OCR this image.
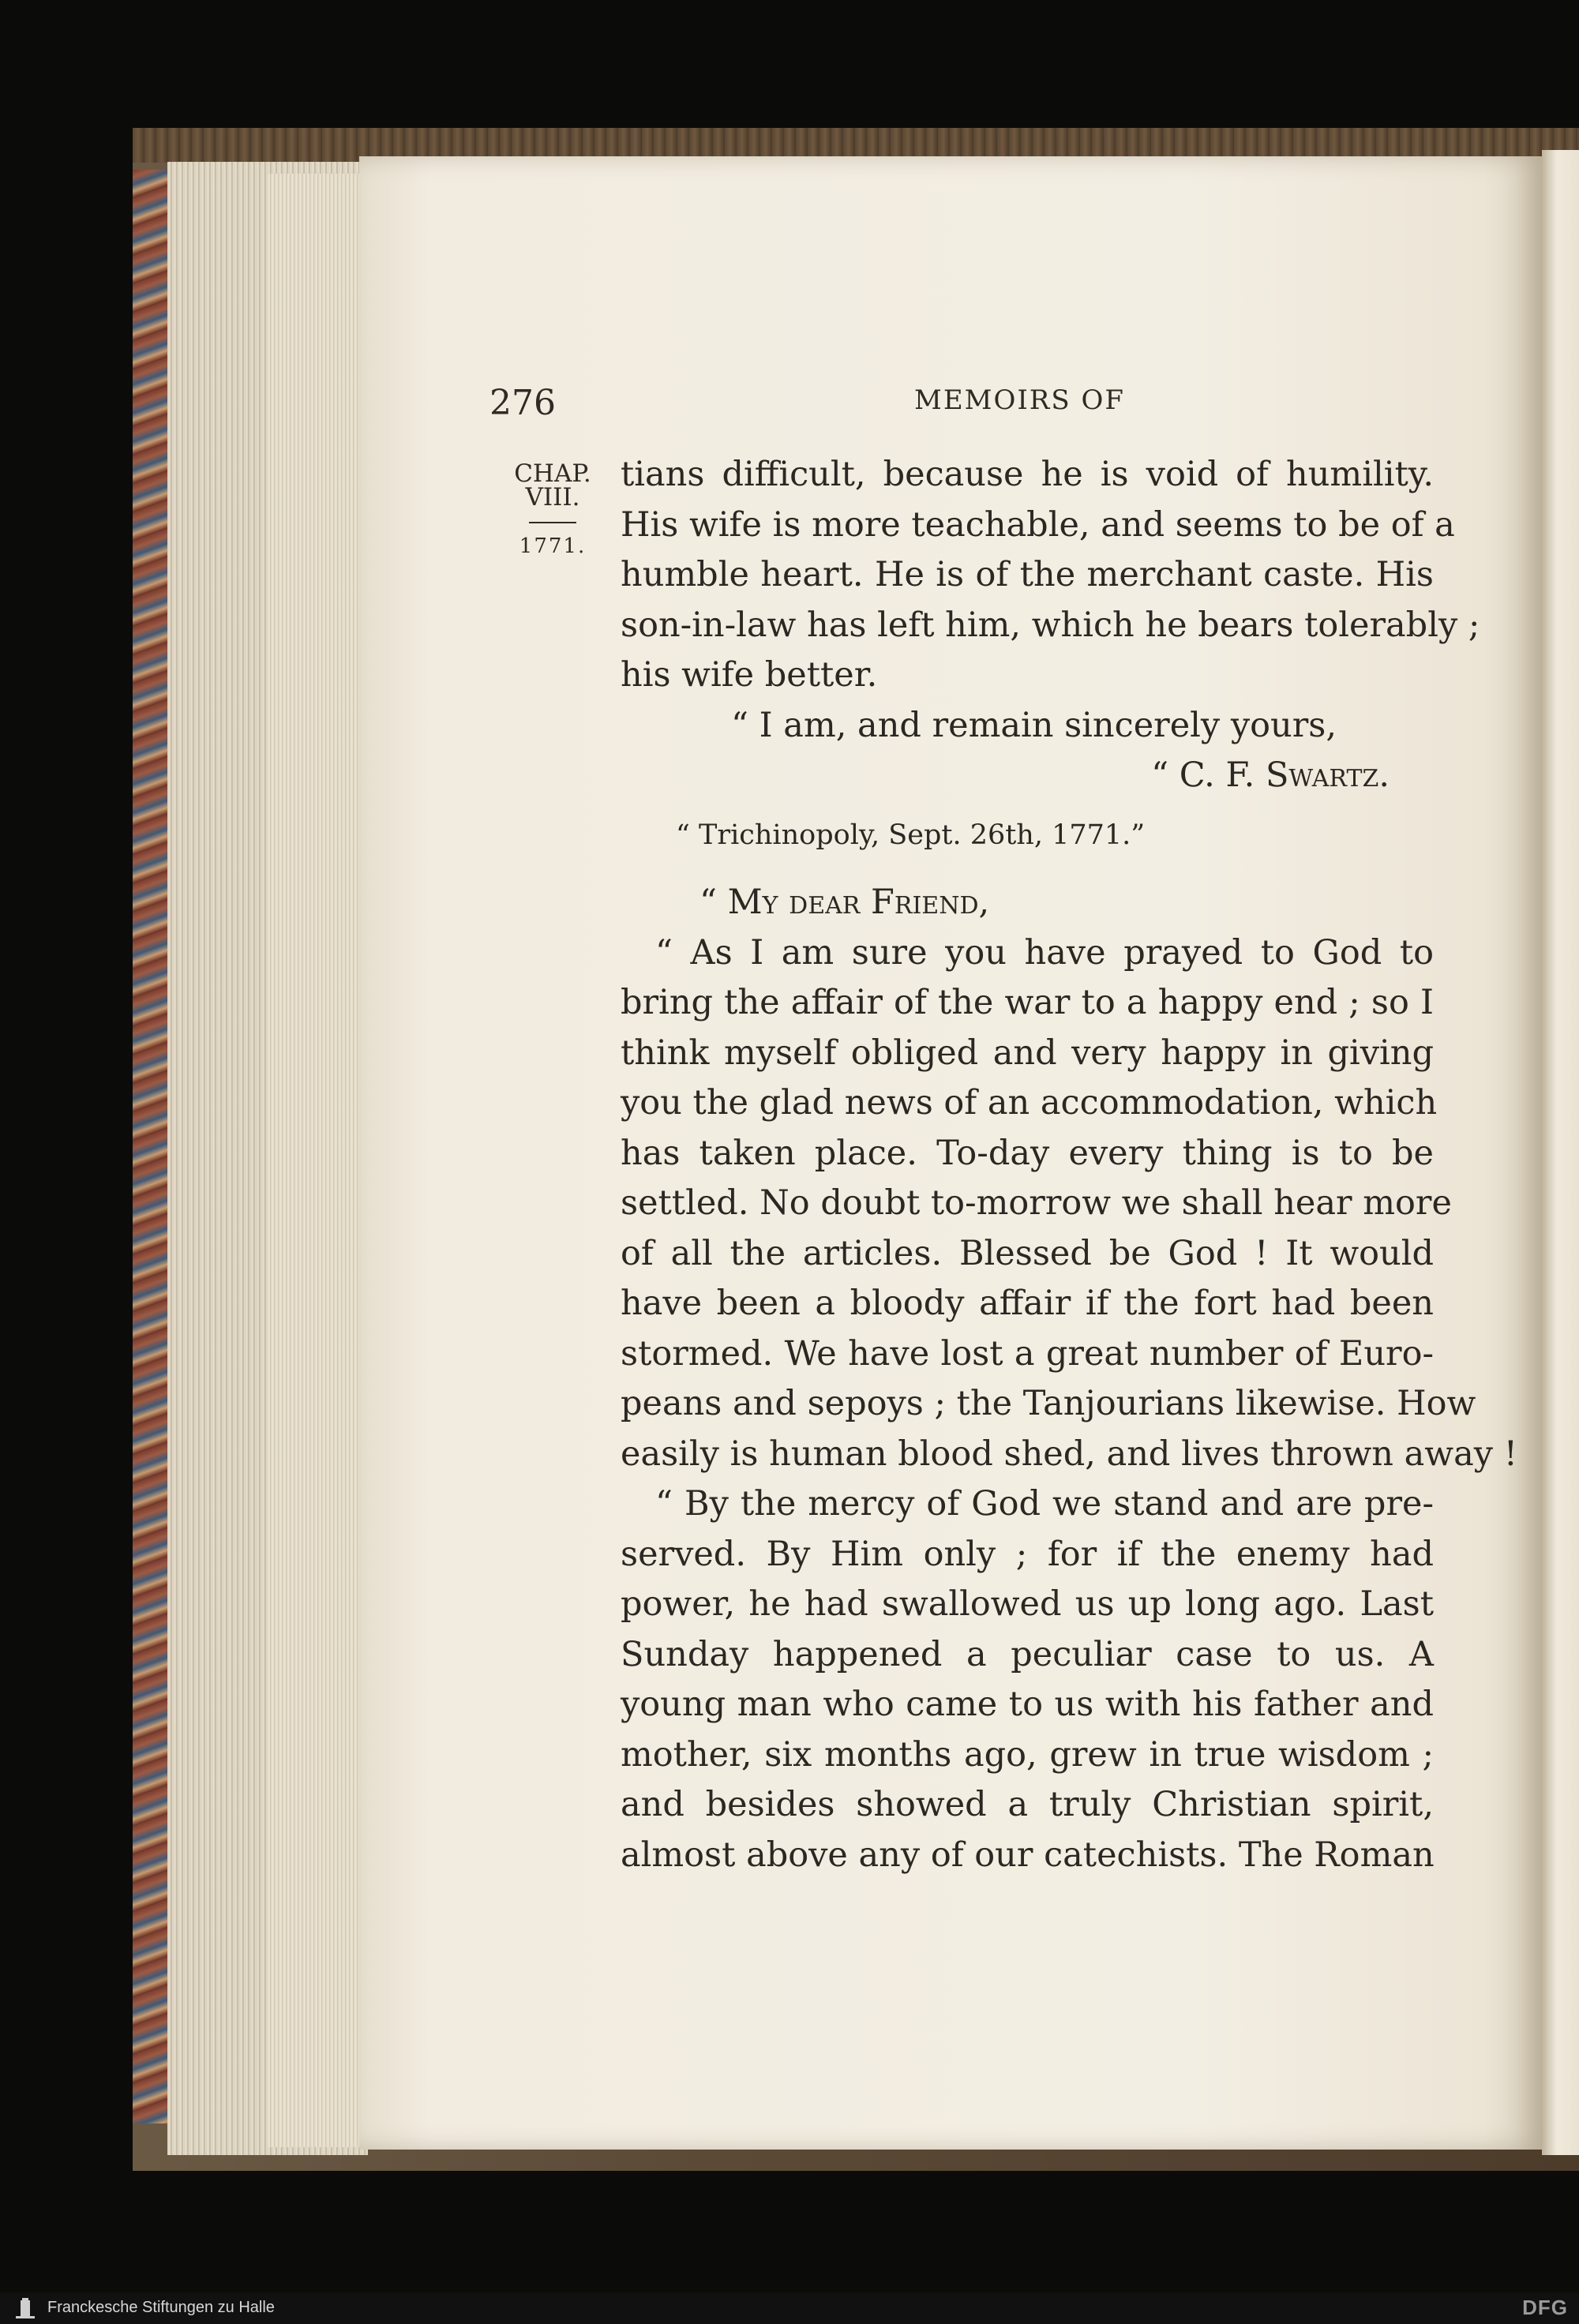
276	MEMOIRS OF
CHAP.
VIII.
1771.
tians difficult, because he is void of humility.
His wife is more teachable, and seems to be of a
humble heart. He is of the merchant caste. His
son-in-law has left him, which he bears tolerably ;
his wife better.
“ I am, and remain sincerely yours,
“ C. F. Swartz.
“ Trichinopoly, Sept. 26th, 1771.”
“ My dear Friend,
“ As I am sure you have prayed to God to
bring the affair of the war to a happy end ; so I
think myself obliged and very happy in giving
you the glad news of an accommodation, which
has taken place. To-day every thing is to be
settled. No doubt to-morrow we shall hear more
of all the articles. Blessed be God ! It would
have been a bloody affair if the fort had been
stormed. We have lost a great number of Euro-
peans and sepoys ; the Tanjourians likewise. How
easily is human blood shed, and lives thrown away !
“ By the mercy of God we stand and are pre-
served. By Him only ; for if the enemy had
power, he had swallowed us up long ago. Last
Sunday happened a peculiar case to us. A
young man who came to us with his father and
mother, six months ago, grew in true wisdom ;
and besides showed a truly Christian spirit,
almost above any of our catechists. The Roman
Franckesche Stiftungen zu Halle	DFG
